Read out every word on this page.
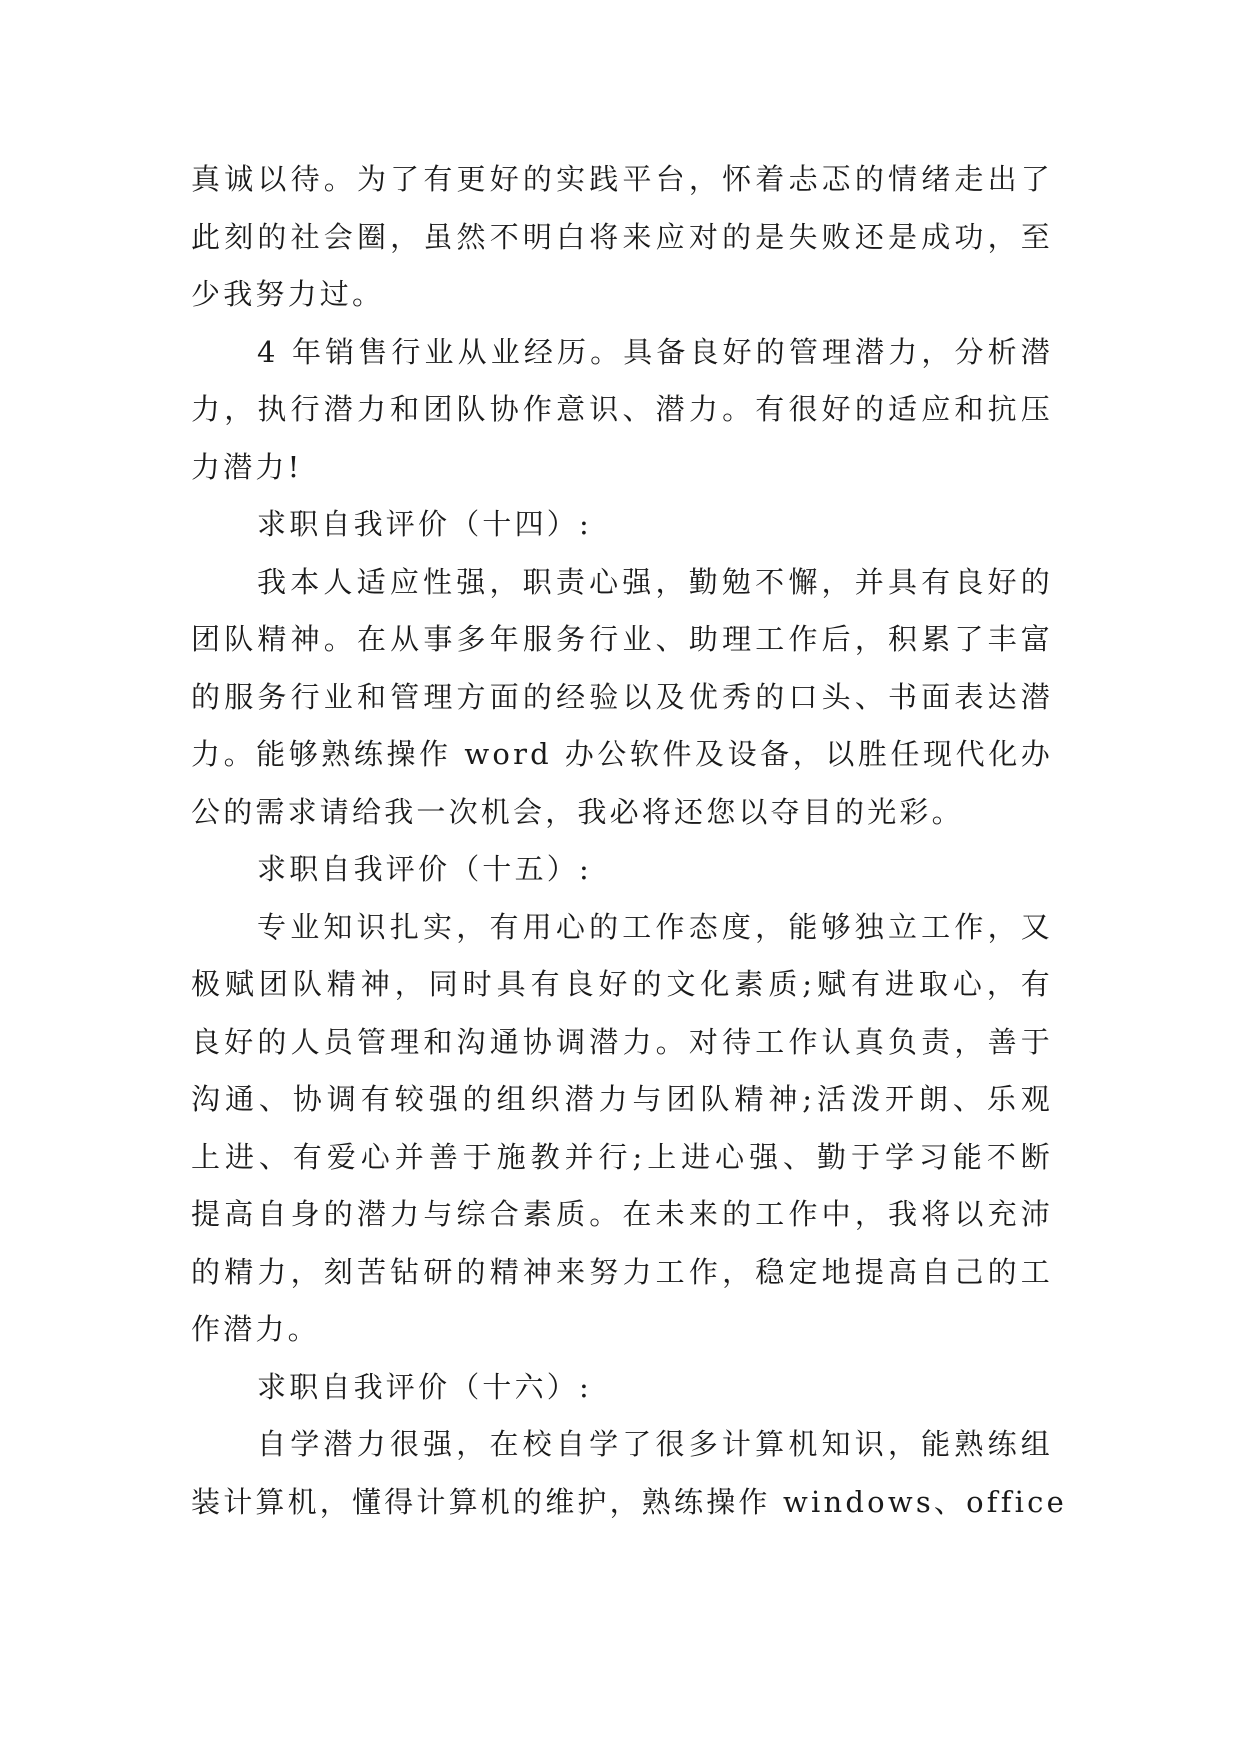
真诚以待。为了有更好的实践平台，怀着忐忑的情绪走出了
此刻的社会圈，虽然不明白将来应对的是失败还是成功，至
少我努力过。
4 年销售行业从业经历。具备良好的管理潜力，分析潜
力，执行潜力和团队协作意识、潜力。有很好的适应和抗压
力潜力!
求职自我评价（十四）:
我本人适应性强，职责心强，勤勉不懈，并具有良好的
团队精神。在从事多年服务行业、助理工作后，积累了丰富
的服务行业和管理方面的经验以及优秀的口头、书面表达潜
力。能够熟练操作 word 办公软件及设备，以胜任现代化办
公的需求请给我一次机会，我必将还您以夺目的光彩。
求职自我评价（十五）:
专业知识扎实，有用心的工作态度，能够独立工作，又
极赋团队精神，同时具有良好的文化素质;赋有进取心，有
良好的人员管理和沟通协调潜力。对待工作认真负责，善于
沟通、协调有较强的组织潜力与团队精神;活泼开朗、乐观
上进、有爱心并善于施教并行;上进心强、勤于学习能不断
提高自身的潜力与综合素质。在未来的工作中，我将以充沛
的精力，刻苦钻研的精神来努力工作，稳定地提高自己的工
作潜力。
求职自我评价（十六）:
自学潜力很强，在校自学了很多计算机知识，能熟练组
装计算机，懂得计算机的维护，熟练操作 windows、office
